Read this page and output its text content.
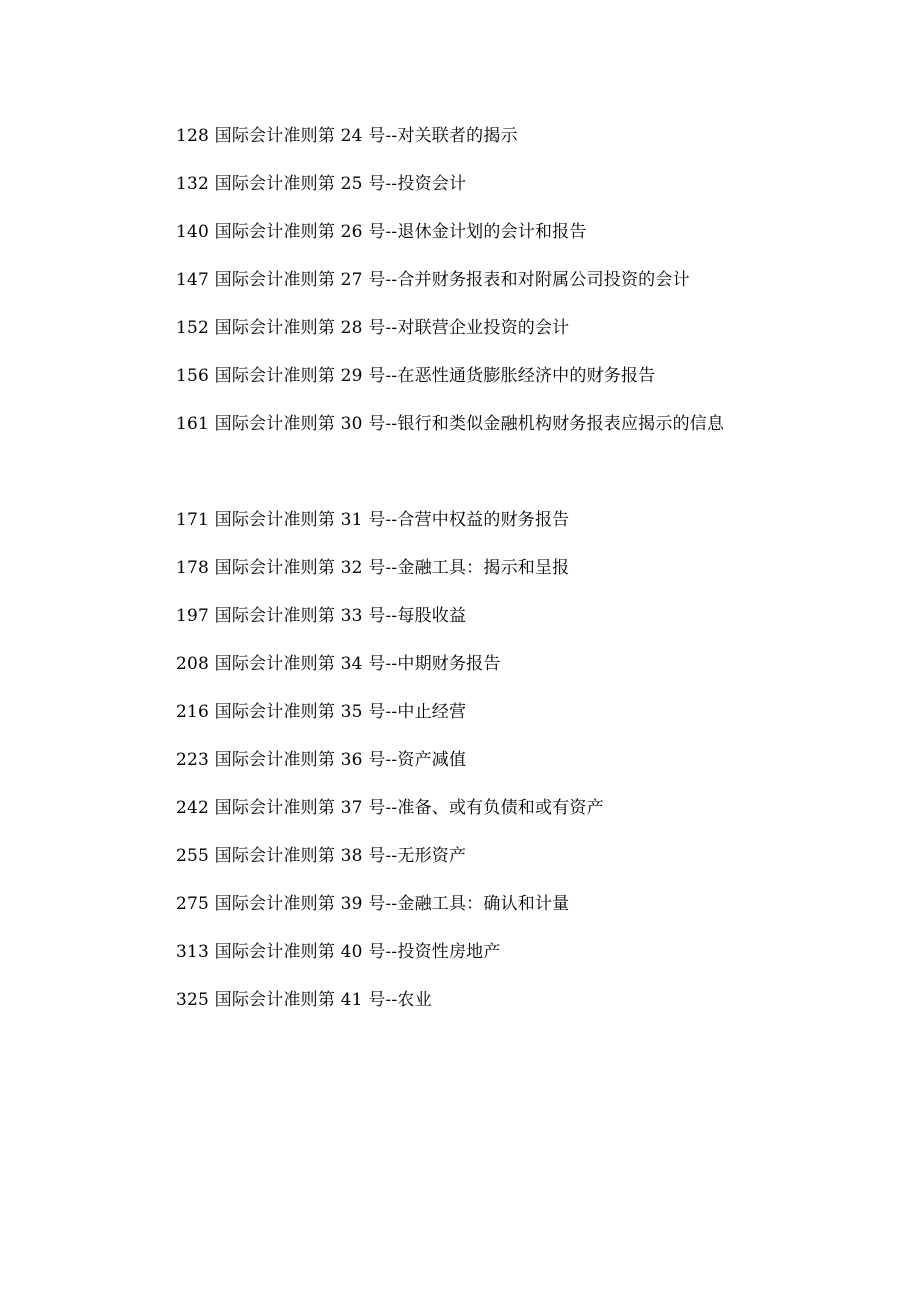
128 国际会计准则第 24 号--对关联者的揭示
132 国际会计准则第 25 号--投资会计
140 国际会计准则第 26 号--退休金计划的会计和报告
147 国际会计准则第 27 号--合并财务报表和对附属公司投资的会计
152 国际会计准则第 28 号--对联营企业投资的会计
156 国际会计准则第 29 号--在恶性通货膨胀经济中的财务报告
161 国际会计准则第 30 号--银行和类似金融机构财务报表应揭示的信息
171 国际会计准则第 31 号--合营中权益的财务报告
178 国际会计准则第 32 号--金融工具：揭示和呈报
197 国际会计准则第 33 号--每股收益
208 国际会计准则第 34 号--中期财务报告
216 国际会计准则第 35 号--中止经营
223 国际会计准则第 36 号--资产减值
242 国际会计准则第 37 号--准备、或有负债和或有资产
255 国际会计准则第 38 号--无形资产
275 国际会计准则第 39 号--金融工具：确认和计量
313 国际会计准则第 40 号--投资性房地产
325 国际会计准则第 41 号--农业
